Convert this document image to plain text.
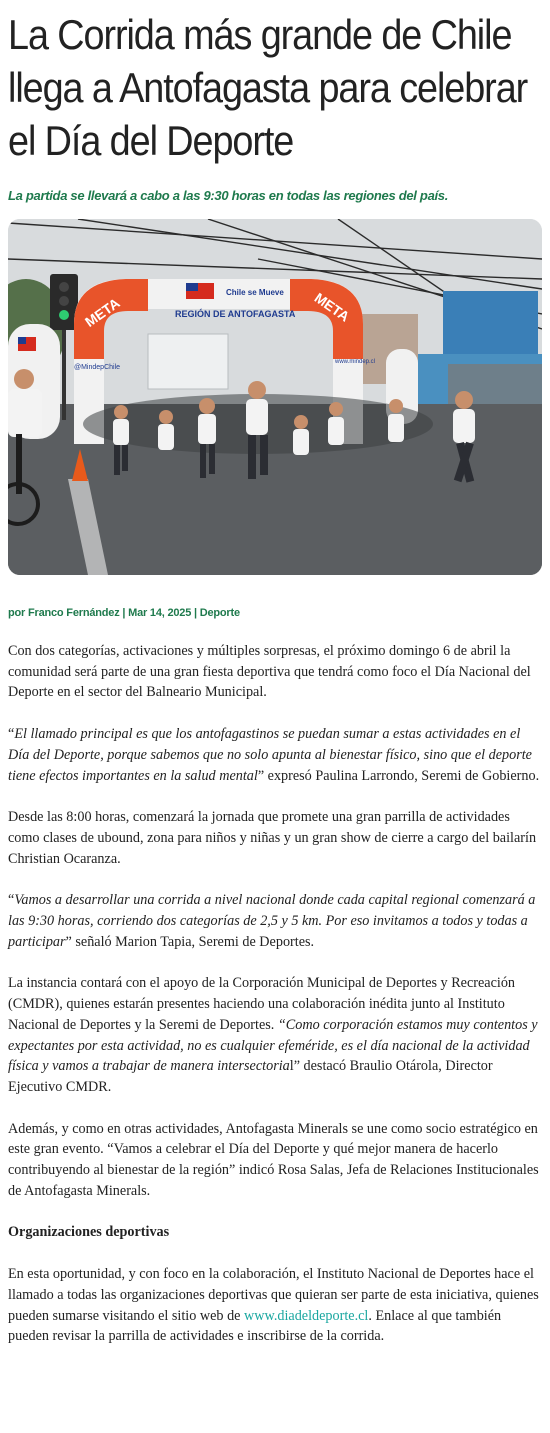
La Corrida más grande de Chile llega a Antofagasta para celebrar el Día del Deporte
La partida se llevará a cabo a las 9:30 horas en todas las regiones del país.
META	META
Chile se Mueve
REGIÓN DE ANTOFAGASTA
@MindepChile
www.mindep.cl
por Franco Fernández | Mar 14, 2025 | Deporte

Con dos categorías, activaciones y múltiples sorpresas, el próximo domingo 6 de abril la comunidad será parte de una gran fiesta deportiva que tendrá como foco el Día Nacional del Deporte en el sector del Balneario Municipal.

“El llamado principal es que los antofagastinos se puedan sumar a estas actividades en el Día del Deporte, porque sabemos que no solo apunta al bienestar físico, sino que el deporte tiene efectos importantes en la salud mental” expresó Paulina Larrondo, Seremi de Gobierno.

Desde las 8:00 horas, comenzará la jornada que promete una gran parrilla de actividades como clases de ubound, zona para niños y niñas y un gran show de cierre a cargo del bailarín Christian Ocaranza.

“Vamos a desarrollar una corrida a nivel nacional donde cada capital regional comenzará a las 9:30 horas, corriendo dos categorías de 2,5 y 5 km. Por eso invitamos a todos y todas a participar” señaló Marion Tapia, Seremi de Deportes.

La instancia contará con el apoyo de la Corporación Municipal de Deportes y Recreación (CMDR), quienes estarán presentes haciendo una colaboración inédita junto al Instituto Nacional de Deportes y la Seremi de Deportes. “Como corporación estamos muy contentos y expectantes por esta actividad, no es cualquier efeméride, es el día nacional de la actividad física y vamos a trabajar de manera intersectorial” destacó Braulio Otárola, Director Ejecutivo CMDR.

Además, y como en otras actividades, Antofagasta Minerals se une como socio estratégico en este gran evento. “Vamos a celebrar el Día del Deporte y qué mejor manera de hacerlo contribuyendo al bienestar de la región” indicó Rosa Salas, Jefa de Relaciones Institucionales de Antofagasta Minerals.

Organizaciones deportivas

En esta oportunidad, y con foco en la colaboración, el Instituto Nacional de Deportes hace el llamado a todas las organizaciones deportivas que quieran ser parte de esta iniciativa, quienes pueden sumarse visitando el sitio web de www.diadeldeporte.cl. Enlace al que también pueden revisar la parrilla de actividades e inscribirse de la corrida.
